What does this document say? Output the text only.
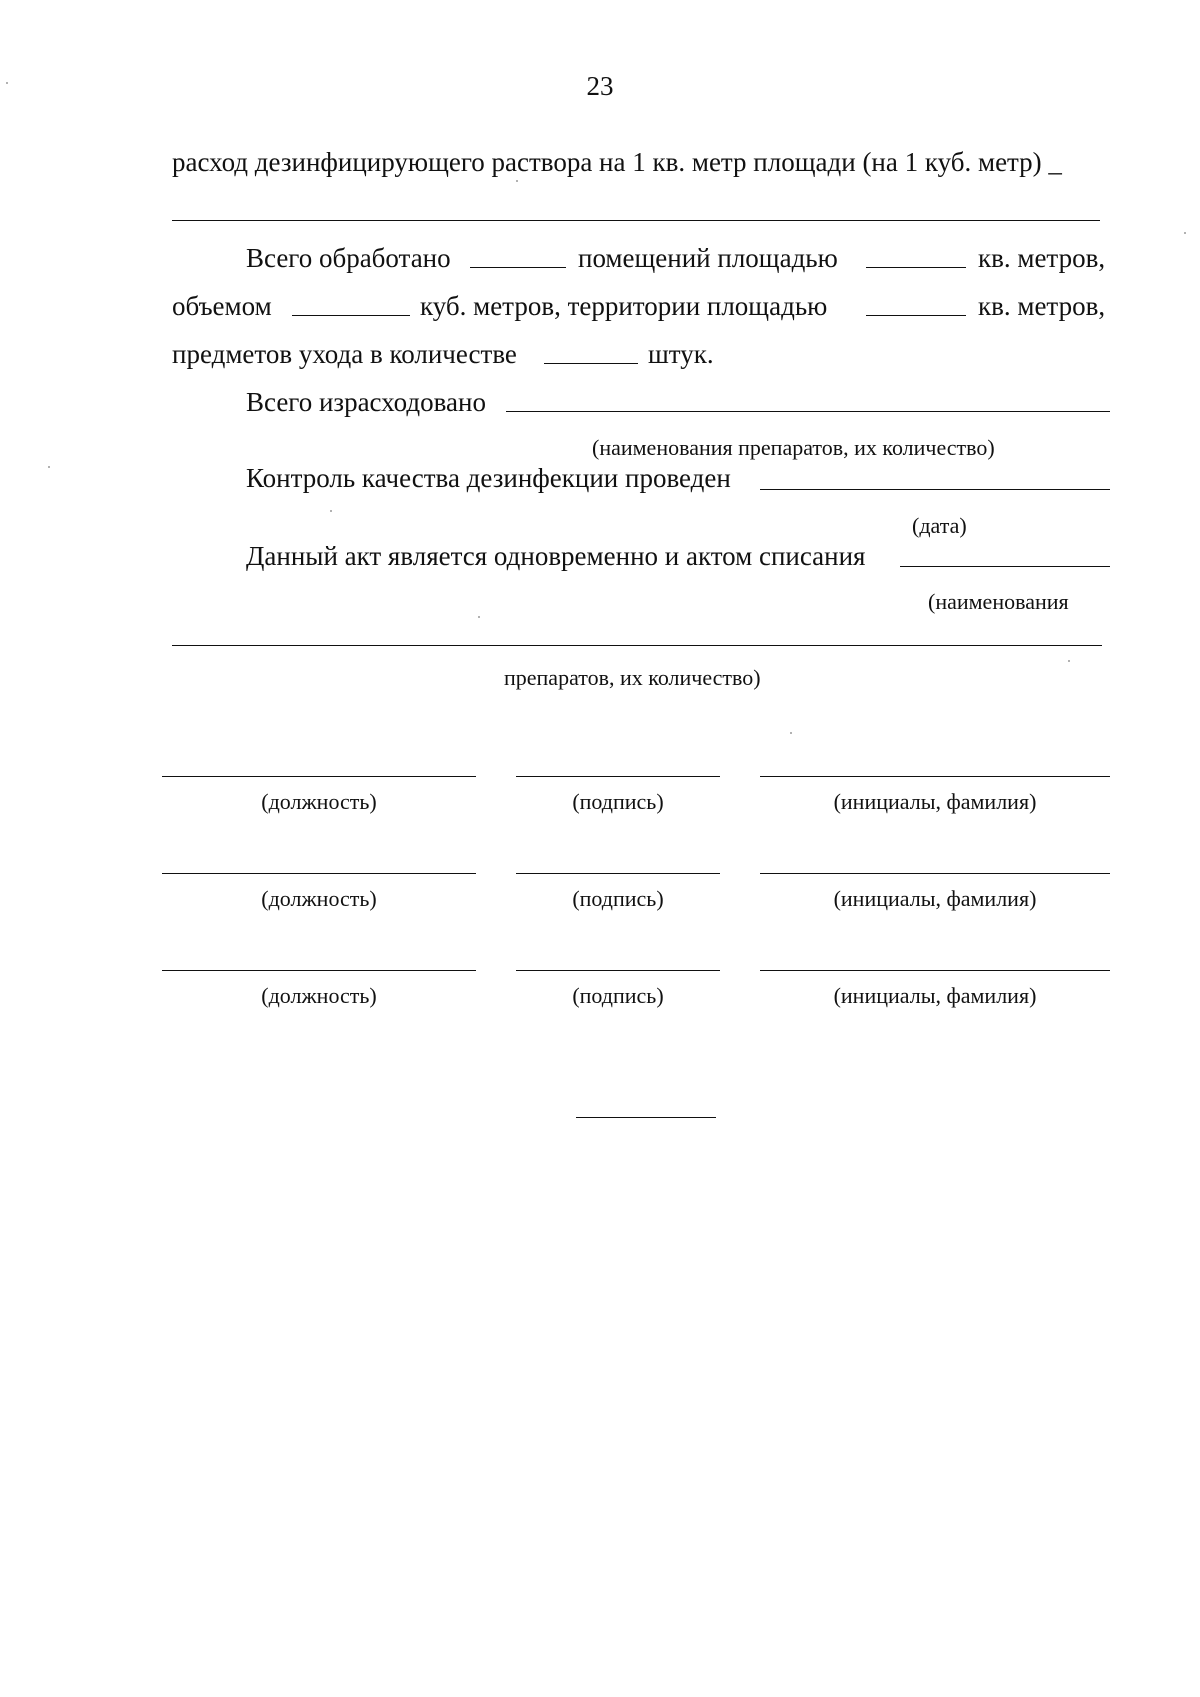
23
расход дезинфицирующего раствора на 1 кв. метр площади (на 1 куб. метр) _
Всего обработано	помещений площадью	кв. метров,
объемом	куб. метров, территории площадью	кв. метров,
предметов ухода в количестве	штук.
Всего израсходовано
(наименования препаратов, их количество)
Контроль качества дезинфекции проведен
(дата)
Данный акт является одновременно и актом списания
(наименования
препаратов, их количество)
(должность)	(подпись)	(инициалы, фамилия)
(должность)	(подпись)	(инициалы, фамилия)
(должность)	(подпись)	(инициалы, фамилия)
